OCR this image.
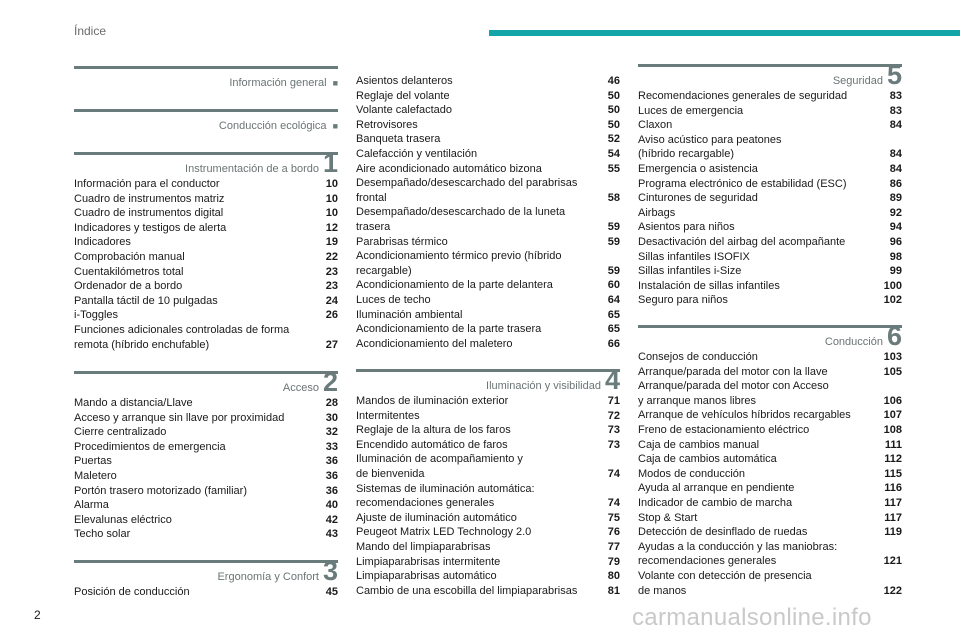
Índice
Información general ■
Conducción ecológica ■
Instrumentación de a bordo 1
Información para el conductor	10
Cuadro de instrumentos matriz	10
Cuadro de instrumentos digital	10
Indicadores y testigos de alerta	12
Indicadores	19
Comprobación manual	22
Cuentakilómetros total	23
Ordenador de a bordo	23
Pantalla táctil de 10 pulgadas	24
i-Toggles	26
Funciones adicionales controladas de forma
remota (híbrido enchufable)	27
Acceso 2
Mando a distancia/Llave	28
Acceso y arranque sin llave por proximidad	30
Cierre centralizado	32
Procedimientos de emergencia	33
Puertas	36
Maletero	36
Portón trasero motorizado (familiar)	36
Alarma	40
Elevalunas eléctrico	42
Techo solar	43
Ergonomía y Confort 3
Posición de conducción	45
Asientos delanteros	46
Reglaje del volante	50
Volante calefactado	50
Retrovisores	50
Banqueta trasera	52
Calefacción y ventilación	54
Aire acondicionado automático bizona	55
Desempañado/desescarchado del parabrisas
frontal	58
Desempañado/desescarchado de la luneta
trasera	59
Parabrisas térmico	59
Acondicionamiento térmico previo (híbrido
recargable)	59
Acondicionamiento de la parte delantera	60
Luces de techo	64
Iluminación ambiental	65
Acondicionamiento de la parte trasera	65
Acondicionamiento del maletero	66
Iluminación y visibilidad 4
Mandos de iluminación exterior	71
Intermitentes	72
Reglaje de la altura de los faros	73
Encendido automático de faros	73
Iluminación de acompañamiento y
de bienvenida	74
Sistemas de iluminación automática:
recomendaciones generales	74
Ajuste de iluminación automático	75
Peugeot Matrix LED Technology 2.0	76
Mando del limpiaparabrisas	77
Limpiaparabrisas intermitente	79
Limpiaparabrisas automático	80
Cambio de una escobilla del limpiaparabrisas	81
Seguridad 5
Recomendaciones generales de seguridad	83
Luces de emergencia	83
Claxon	84
Aviso acústico para peatones
(híbrido recargable)	84
Emergencia o asistencia	84
Programa electrónico de estabilidad (ESC)	86
Cinturones de seguridad	89
Airbags	92
Asientos para niños	94
Desactivación del airbag del acompañante	96
Sillas infantiles ISOFIX	98
Sillas infantiles i-Size	99
Instalación de sillas infantiles	100
Seguro para niños	102
Conducción 6
Consejos de conducción	103
Arranque/parada del motor con la llave	105
Arranque/parada del motor con Acceso
y arranque manos libres	106
Arranque de vehículos híbridos recargables	107
Freno de estacionamiento eléctrico	108
Caja de cambios manual	111
Caja de cambios automática	112
Modos de conducción	115
Ayuda al arranque en pendiente	116
Indicador de cambio de marcha	117
Stop & Start	117
Detección de desinflado de ruedas	119
Ayudas a la conducción y las maniobras:
recomendaciones generales	121
Volante con detección de presencia
de manos	122
2	carmanualsonline.info
